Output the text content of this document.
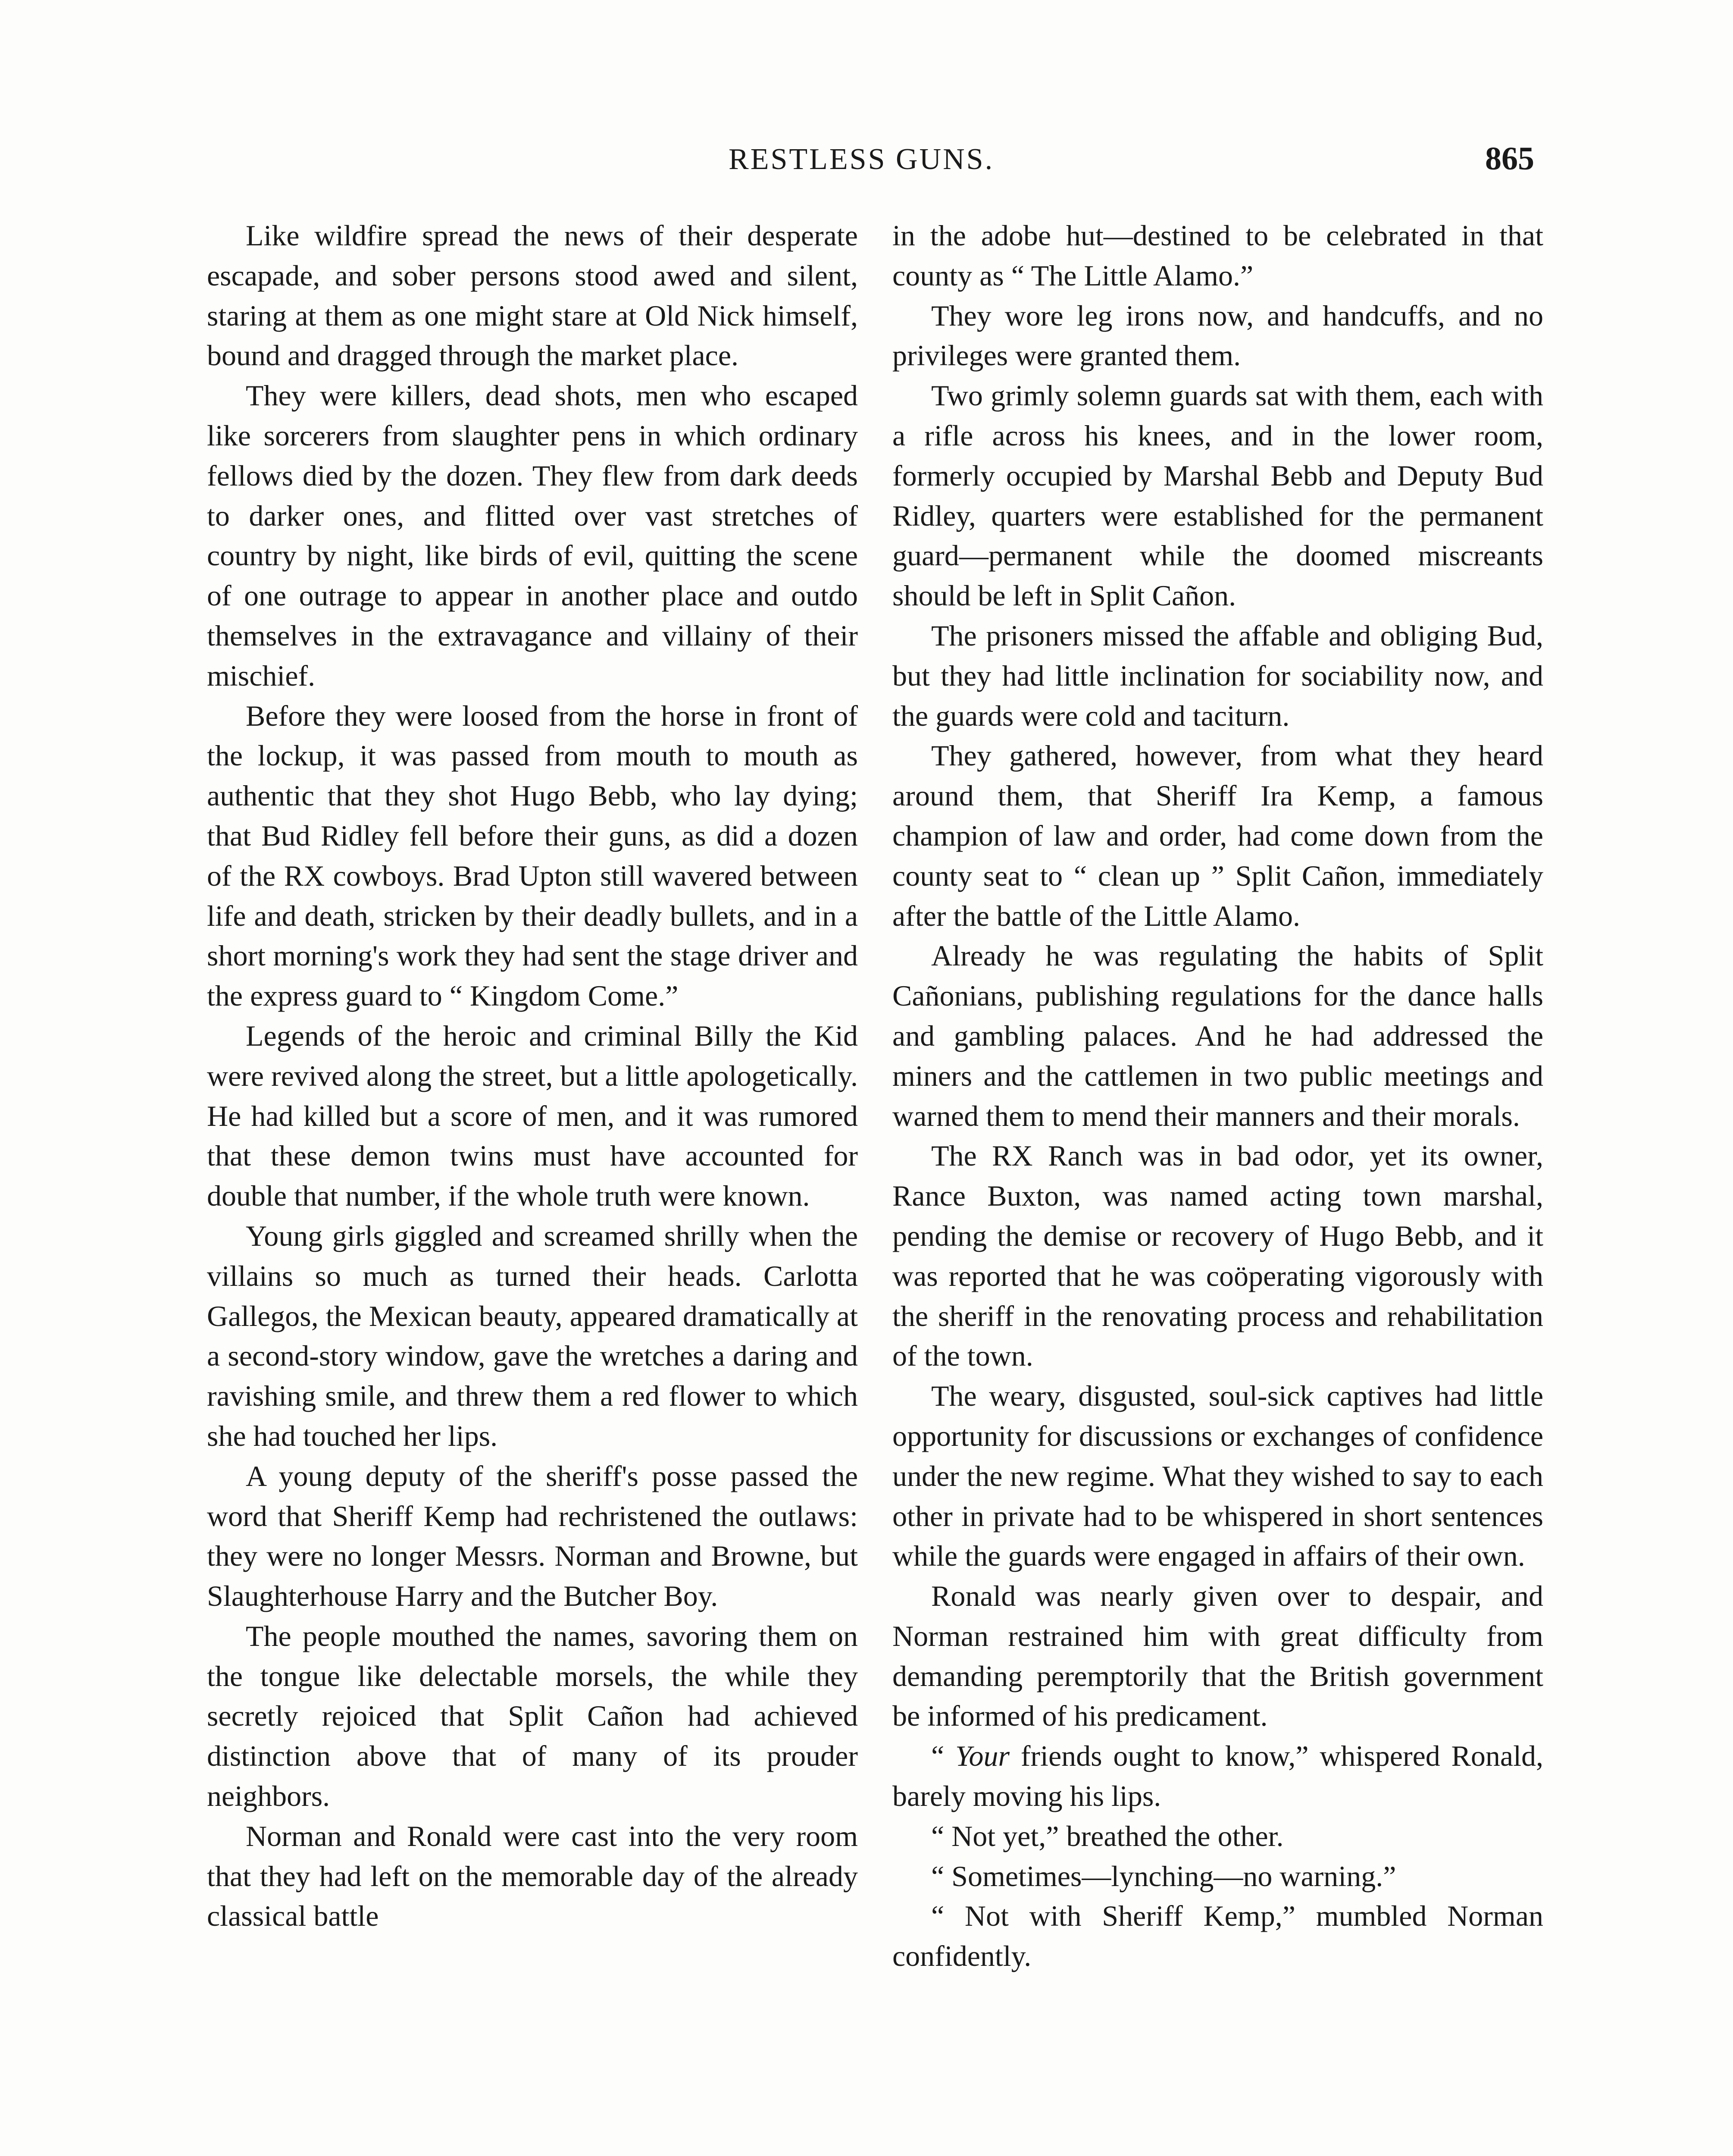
RESTLESS GUNS.	865

Like wildfire spread the news of their desperate escapade, and sober persons stood awed and silent, staring at them as one might stare at Old Nick himself, bound and dragged through the market place.

They were killers, dead shots, men who escaped like sorcerers from slaughter pens in which ordinary fellows died by the dozen. They flew from dark deeds to darker ones, and flitted over vast stretches of country by night, like birds of evil, quitting the scene of one outrage to appear in another place and outdo themselves in the extravagance and villainy of their mischief.

Before they were loosed from the horse in front of the lockup, it was passed from mouth to mouth as authentic that they shot Hugo Bebb, who lay dying; that Bud Ridley fell before their guns, as did a dozen of the RX cowboys. Brad Upton still wavered between life and death, stricken by their deadly bullets, and in a short morning's work they had sent the stage driver and the express guard to “ Kingdom Come.”

Legends of the heroic and criminal Billy the Kid were revived along the street, but a little apologetically. He had killed but a score of men, and it was rumored that these demon twins must have accounted for double that number, if the whole truth were known.

Young girls giggled and screamed shrilly when the villains so much as turned their heads. Carlotta Gallegos, the Mexican beauty, appeared dramatically at a second-story window, gave the wretches a daring and ravishing smile, and threw them a red flower to which she had touched her lips.

A young deputy of the sheriff's posse passed the word that Sheriff Kemp had rechristened the outlaws: they were no longer Messrs. Norman and Browne, but Slaughterhouse Harry and the Butcher Boy.

The people mouthed the names, savoring them on the tongue like delectable morsels, the while they secretly rejoiced that Split Cañon had achieved distinction above that of many of its prouder neighbors.

Norman and Ronald were cast into the very room that they had left on the memorable day of the already classical battle

in the adobe hut—destined to be celebrated in that county as “ The Little Alamo.”

They wore leg irons now, and handcuffs, and no privileges were granted them.

Two grimly solemn guards sat with them, each with a rifle across his knees, and in the lower room, formerly occupied by Marshal Bebb and Deputy Bud Ridley, quarters were established for the permanent guard—permanent while the doomed miscreants should be left in Split Cañon.

The prisoners missed the affable and obliging Bud, but they had little inclination for sociability now, and the guards were cold and taciturn.

They gathered, however, from what they heard around them, that Sheriff Ira Kemp, a famous champion of law and order, had come down from the county seat to “ clean up ” Split Cañon, immediately after the battle of the Little Alamo.

Already he was regulating the habits of Split Cañonians, publishing regulations for the dance halls and gambling palaces. And he had addressed the miners and the cattlemen in two public meetings and warned them to mend their manners and their morals.

The RX Ranch was in bad odor, yet its owner, Rance Buxton, was named acting town marshal, pending the demise or recovery of Hugo Bebb, and it was reported that he was coöperating vigorously with the sheriff in the renovating process and rehabilitation of the town.

The weary, disgusted, soul-sick captives had little opportunity for discussions or exchanges of confidence under the new regime. What they wished to say to each other in private had to be whispered in short sentences while the guards were engaged in affairs of their own.

Ronald was nearly given over to despair, and Norman restrained him with great difficulty from demanding peremptorily that the British government be informed of his predicament.

“ Your friends ought to know,” whispered Ronald, barely moving his lips.

“ Not yet,” breathed the other.

“ Sometimes—lynching—no warning.”

“ Not with Sheriff Kemp,” mumbled Norman confidently.
